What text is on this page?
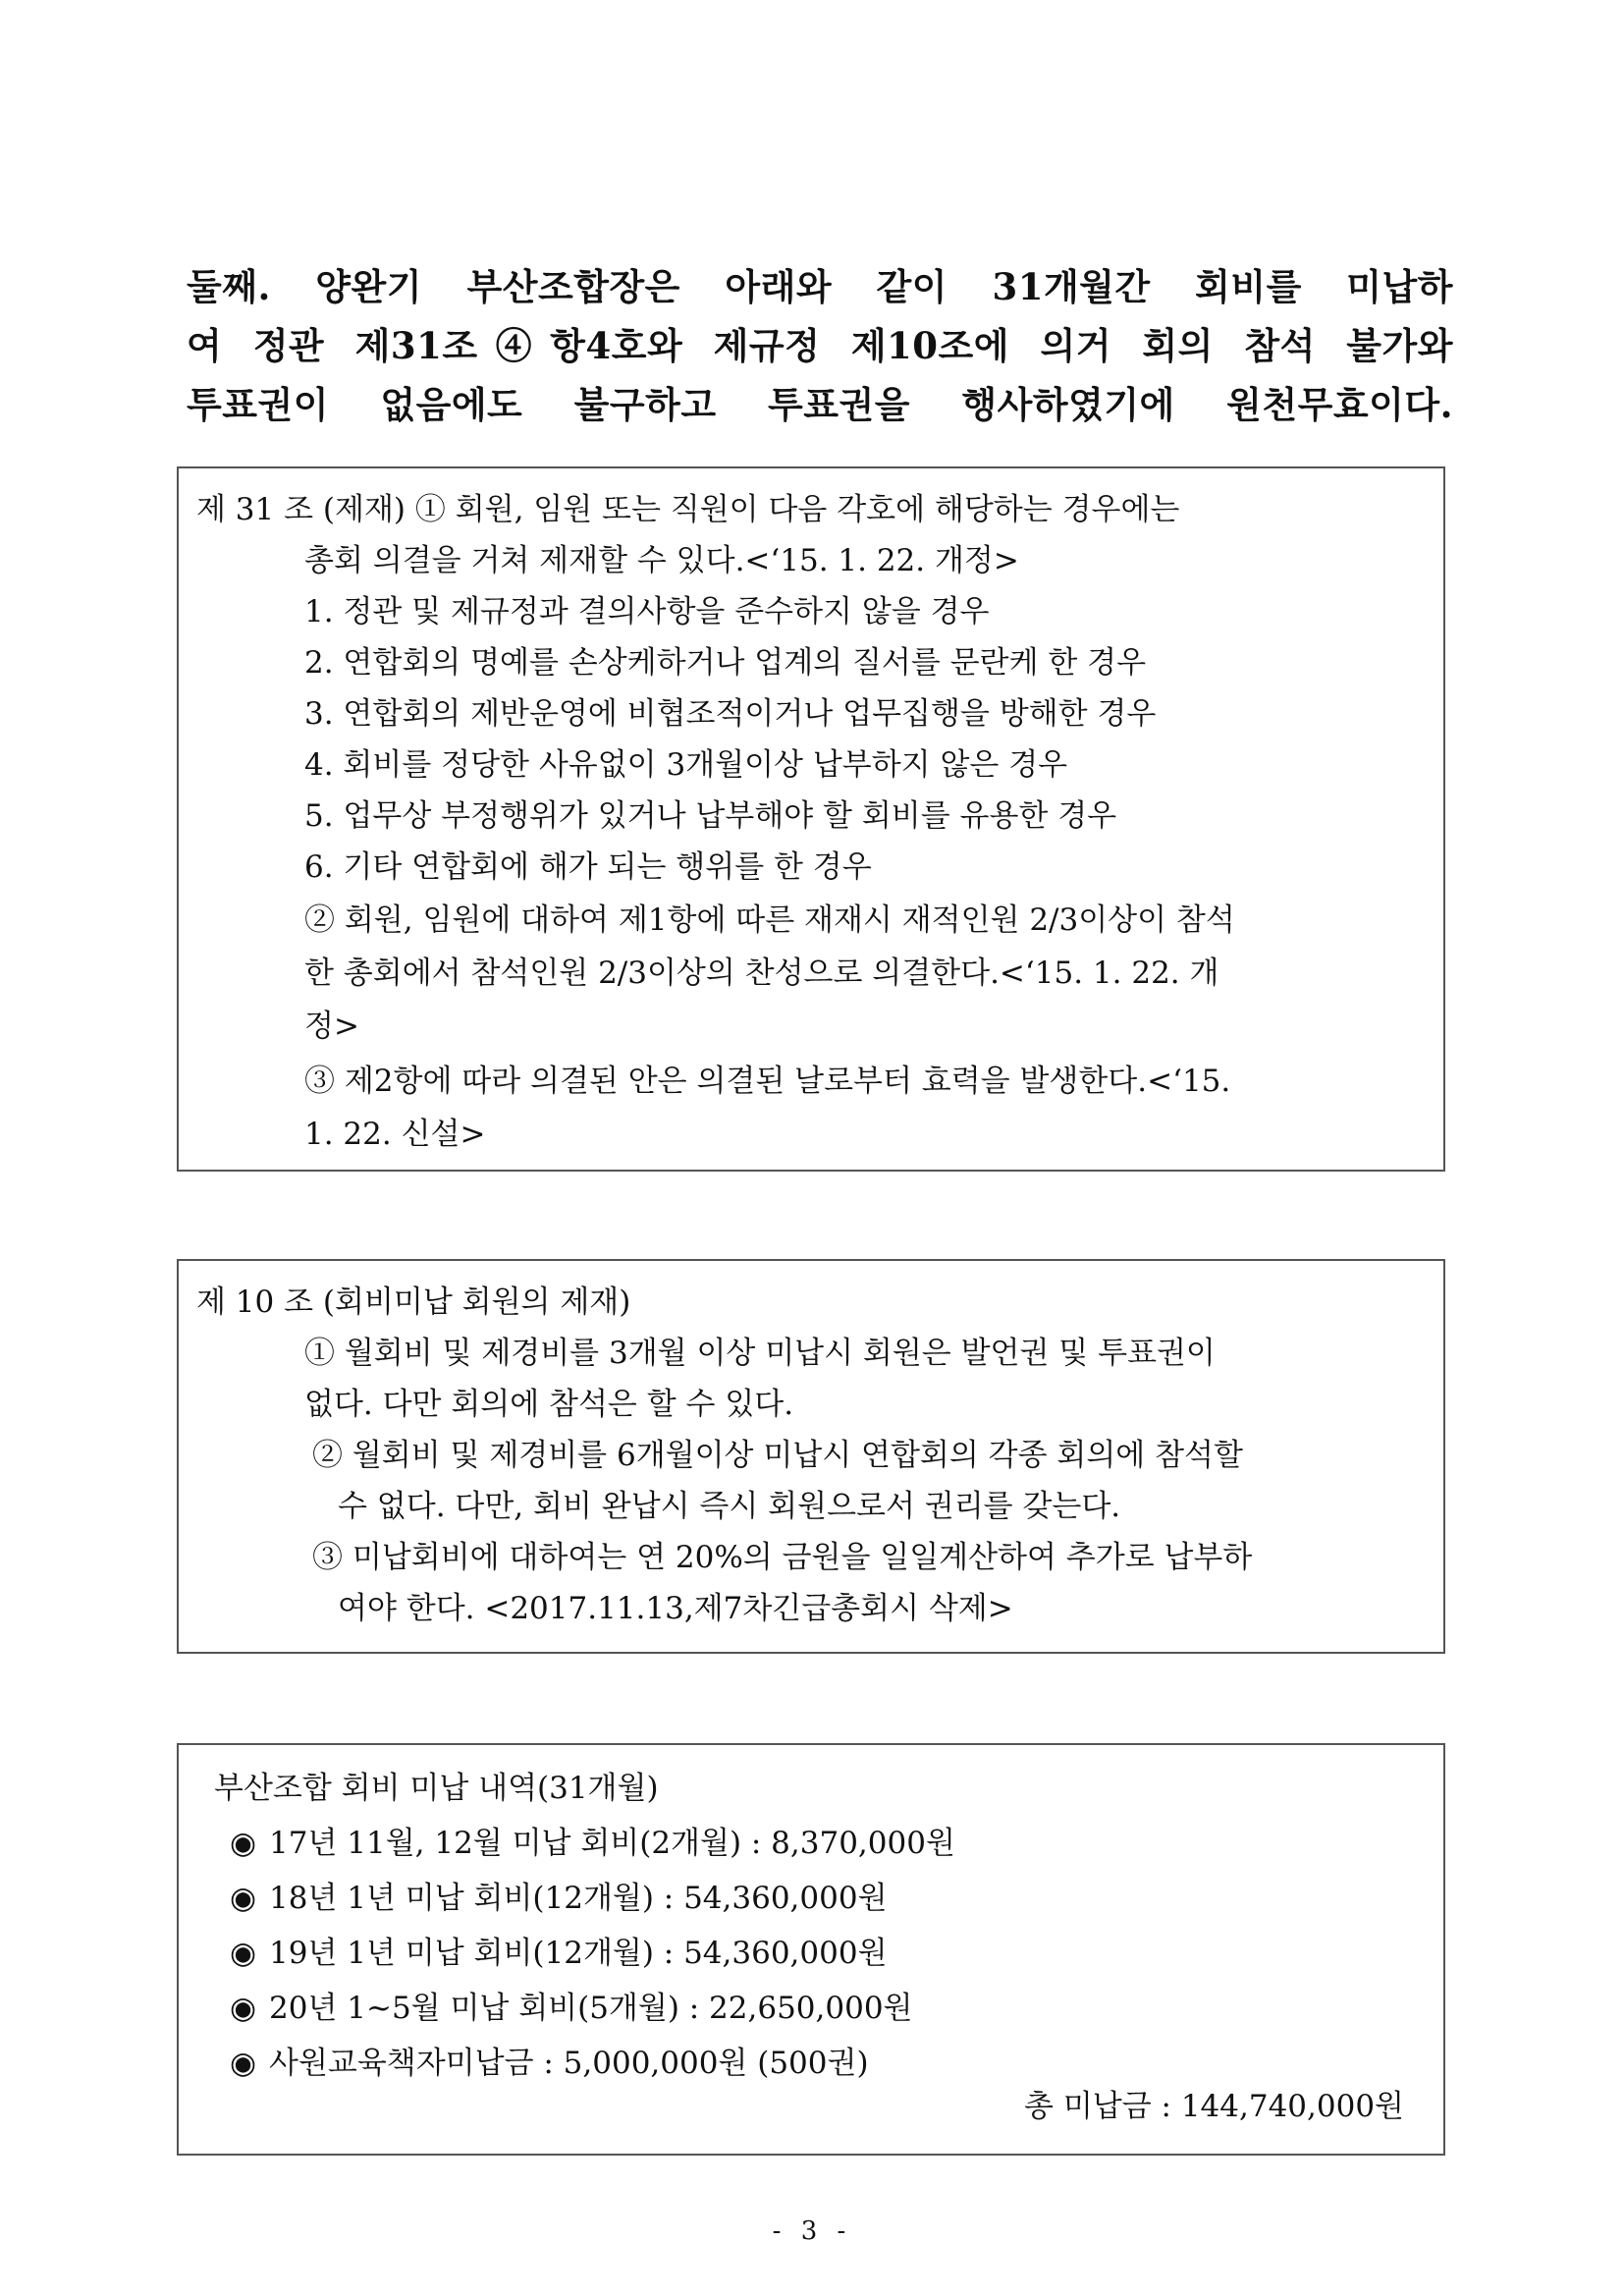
둘째. 양완기 부산조합장은 아래와 같이 31개월간 회비를 미납하
여 정관 제31조④항4호와 제규정 제10조에 의거 회의 참석 불가와
투표권이 없음에도 불구하고 투표권을 행사하였기에 원천무효이다.
제 31 조 (제재) ① 회원, 임원 또는 직원이 다음 각호에 해당하는 경우에는
총회 의결을 거쳐 제재할 수 있다.<‘15. 1. 22. 개정>
1. 정관 및 제규정과 결의사항을 준수하지 않을 경우
2. 연합회의 명예를 손상케하거나 업계의 질서를 문란케 한 경우
3. 연합회의 제반운영에 비협조적이거나 업무집행을 방해한 경우
4. 회비를 정당한 사유없이 3개월이상 납부하지 않은 경우
5. 업무상 부정행위가 있거나 납부해야 할 회비를 유용한 경우
6. 기타 연합회에 해가 되는 행위를 한 경우
② 회원, 임원에 대하여 제1항에 따른 재재시 재적인원 2/3이상이 참석
한 총회에서 참석인원 2/3이상의 찬성으로 의결한다.<‘15. 1. 22. 개
정>
③ 제2항에 따라 의결된 안은 의결된 날로부터 효력을 발생한다.<‘15.
1. 22. 신설>
제 10 조 (회비미납 회원의 제재)
① 월회비 및 제경비를 3개월 이상 미납시 회원은 발언권 및 투표권이
없다. 다만 회의에 참석은 할 수 있다.
② 월회비 및 제경비를 6개월이상 미납시 연합회의 각종 회의에 참석할
수 없다. 다만, 회비 완납시 즉시 회원으로서 권리를 갖는다.
③ 미납회비에 대하여는 연 20%의 금원을 일일계산하여 추가로 납부하
여야 한다. <2017.11.13,제7차긴급총회시 삭제>
부산조합 회비 미납 내역(31개월)
◉ 17년 11월, 12월 미납 회비(2개월) : 8,370,000원
◉ 18년 1년 미납 회비(12개월) : 54,360,000원
◉ 19년 1년 미납 회비(12개월) : 54,360,000원
◉ 20년 1~5월 미납 회비(5개월) : 22,650,000원
◉ 사원교육책자미납금 : 5,000,000원 (500권)
총 미납금 : 144,740,000원
- 3 -
